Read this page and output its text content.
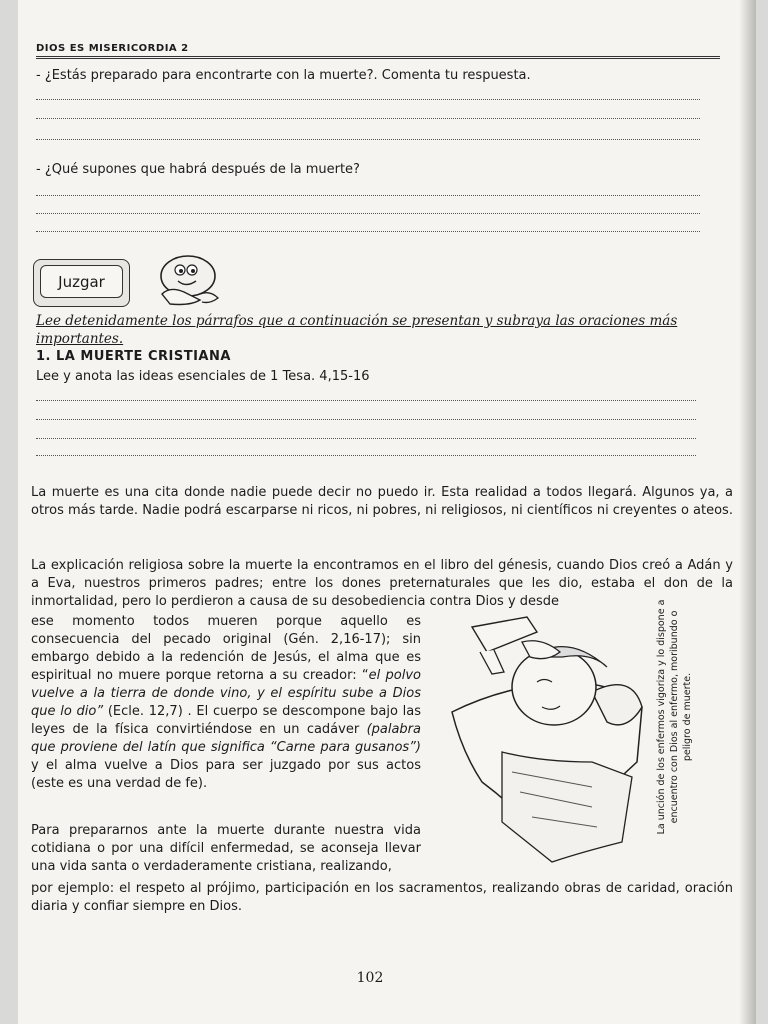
DIOS ES MISERICORDIA 2
- ¿Estás preparado para encontrarte con la muerte?. Comenta tu respuesta.
- ¿Qué supones que habrá después de la muerte?
Juzgar
Lee detenidamente los párrafos que a continuación se presentan y subraya las oraciones más importantes.
1. LA MUERTE CRISTIANA
Lee y anota las ideas esenciales de 1 Tesa. 4,15-16
La muerte es una cita donde nadie puede decir no puedo ir. Esta realidad a todos llegará. Algunos ya, a otros más tarde. Nadie podrá escarparse ni ricos, ni pobres, ni religiosos, ni científicos ni creyentes o ateos.
La explicación religiosa sobre la muerte la encontramos en el libro del génesis, cuando Dios creó a Adán y a Eva, nuestros primeros padres; entre los dones preternaturales que les dio, estaba el don de la inmortalidad, pero lo perdieron a causa de su desobediencia contra Dios y desde
ese momento todos mueren porque aquello es consecuencia del pecado original (Gén. 2,16-17); sin embargo debido a la redención de Jesús, el alma que es espiritual no muere porque retorna a su creador: “el polvo vuelve a la tierra de donde vino, y el espíritu sube a Dios que lo dio” (Ecle. 12,7) . El cuerpo se descompone bajo las leyes de la física convirtiéndose en un cadáver (palabra que proviene del latín que significa “Carne para gusanos”) y el alma vuelve a Dios para ser juzgado por sus actos (este es una verdad de fe).
Para prepararnos ante la muerte durante nuestra vida cotidiana o por una difícil enfermedad, se aconseja llevar una vida santa o verdaderamente cristiana, realizando,
por ejemplo: el respeto al prójimo, participación en los sacramentos, realizando obras de caridad, oración diaria y confiar siempre en Dios.
La unción de los enfermos vigoriza y lo dispone a encuentro con Dios al enfermo, moribundo o peligro de muerte.
102
